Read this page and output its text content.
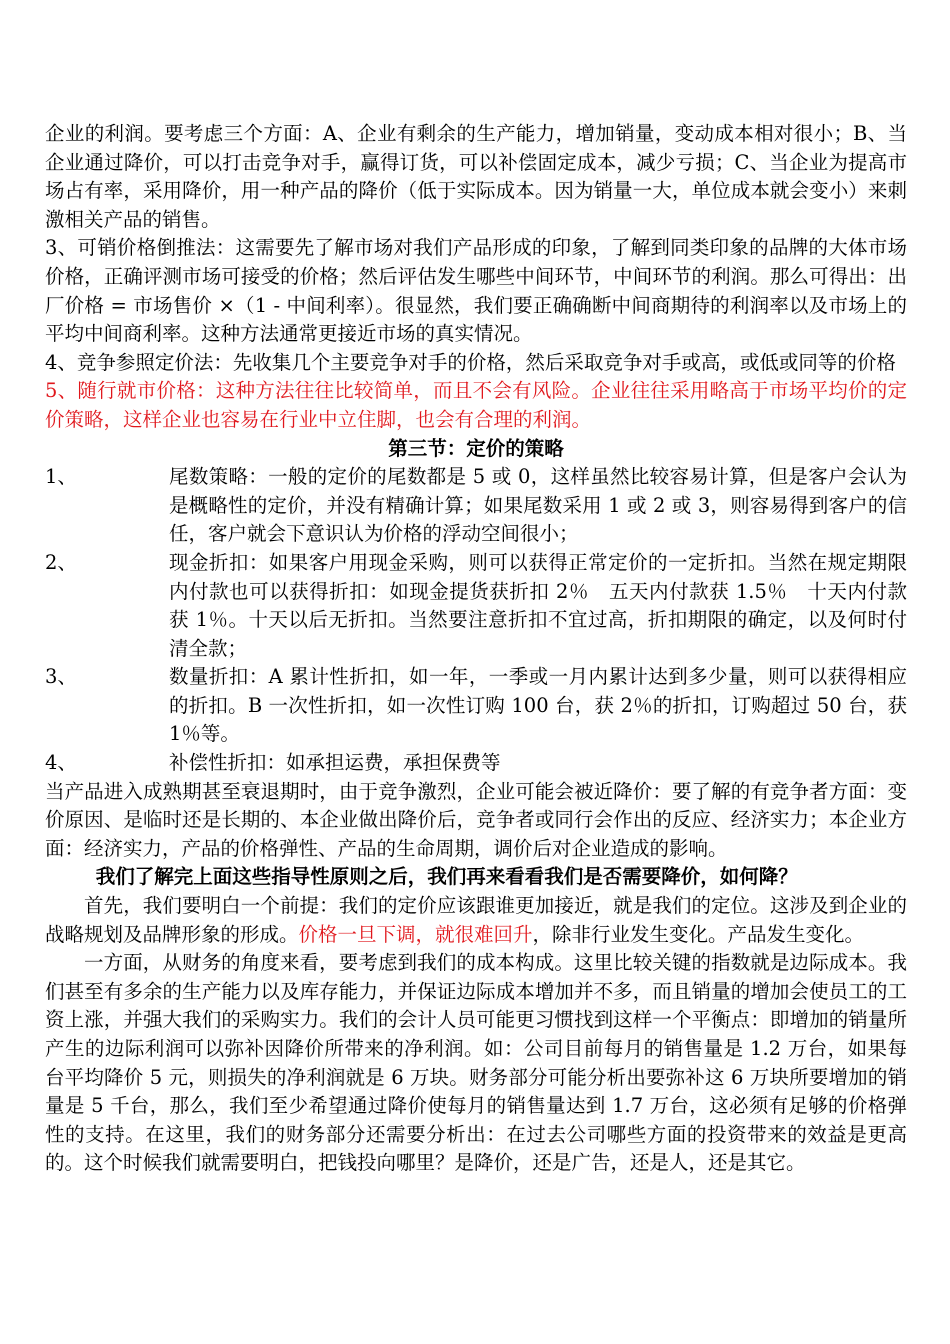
企业的利润。要考虑三个方面：A、企业有剩余的生产能力，增加销量，变动成本相对很小；B、当企业通过降价，可以打击竞争对手，赢得订货，可以补偿固定成本，减少亏损；C、当企业为提高市场占有率，采用降价，用一种产品的降价（低于实际成本。因为销量一大，单位成本就会变小）来刺激相关产品的销售。

3、可销价格倒推法：这需要先了解市场对我们产品形成的印象，了解到同类印象的品牌的大体市场价格，正确评测市场可接受的价格；然后评估发生哪些中间环节，中间环节的利润。那么可得出：出厂价格 = 市场售价 ×（1 - 中间利率）。很显然，我们要正确确断中间商期待的利润率以及市场上的平均中间商利率。这种方法通常更接近市场的真实情况。

4、竞争参照定价法：先收集几个主要竞争对手的价格，然后采取竞争对手或高，或低或同等的价格

5、随行就市价格：这种方法往往比较简单，而且不会有风险。企业往往采用略高于市场平均价的定价策略，这样企业也容易在行业中立住脚，也会有合理的利润。

第三节：定价的策略

1、	尾数策略：一般的定价的尾数都是 5 或 0，这样虽然比较容易计算，但是客户会认为是概略性的定价，并没有精确计算；如果尾数采用 1 或 2 或 3，则容易得到客户的信任，客户就会下意识认为价格的浮动空间很小；
2、	现金折扣：如果客户用现金采购，则可以获得正常定价的一定折扣。当然在规定期限内付款也可以获得折扣：如现金提货获折扣 2％　五天内付款获 1.5％　十天内付款获 1％。十天以后无折扣。当然要注意折扣不宜过高，折扣期限的确定，以及何时付清全款；
3、	数量折扣：A 累计性折扣，如一年，一季或一月内累计达到多少量，则可以获得相应的折扣。B 一次性折扣，如一次性订购 100 台，获 2％的折扣，订购超过 50 台，获 1％等。
4、	补偿性折扣：如承担运费，承担保费等

当产品进入成熟期甚至衰退期时，由于竞争激烈，企业可能会被近降价：要了解的有竞争者方面：变价原因、是临时还是长期的、本企业做出降价后，竞争者或同行会作出的反应、经济实力；本企业方面：经济实力，产品的价格弹性、产品的生命周期，调价后对企业造成的影响。

我们了解完上面这些指导性原则之后，我们再来看看我们是否需要降价，如何降？

首先，我们要明白一个前提：我们的定价应该跟谁更加接近，就是我们的定位。这涉及到企业的战略规划及品牌形象的形成。价格一旦下调，就很难回升，除非行业发生变化。产品发生变化。

一方面，从财务的角度来看，要考虑到我们的成本构成。这里比较关键的指数就是边际成本。我们甚至有多余的生产能力以及库存能力，并保证边际成本增加并不多，而且销量的增加会使员工的工资上涨，并强大我们的采购实力。我们的会计人员可能更习惯找到这样一个平衡点：即增加的销量所产生的边际利润可以弥补因降价所带来的净利润。如：公司目前每月的销售量是 1.2 万台，如果每台平均降价 5 元，则损失的净利润就是 6 万块。财务部分可能分析出要弥补这 6 万块所要增加的销量是 5 千台，那么，我们至少希望通过降价使每月的销售量达到 1.7 万台，这必须有足够的价格弹性的支持。在这里，我们的财务部分还需要分析出：在过去公司哪些方面的投资带来的效益是更高的。这个时候我们就需要明白，把钱投向哪里？是降价，还是广告，还是人，还是其它。
